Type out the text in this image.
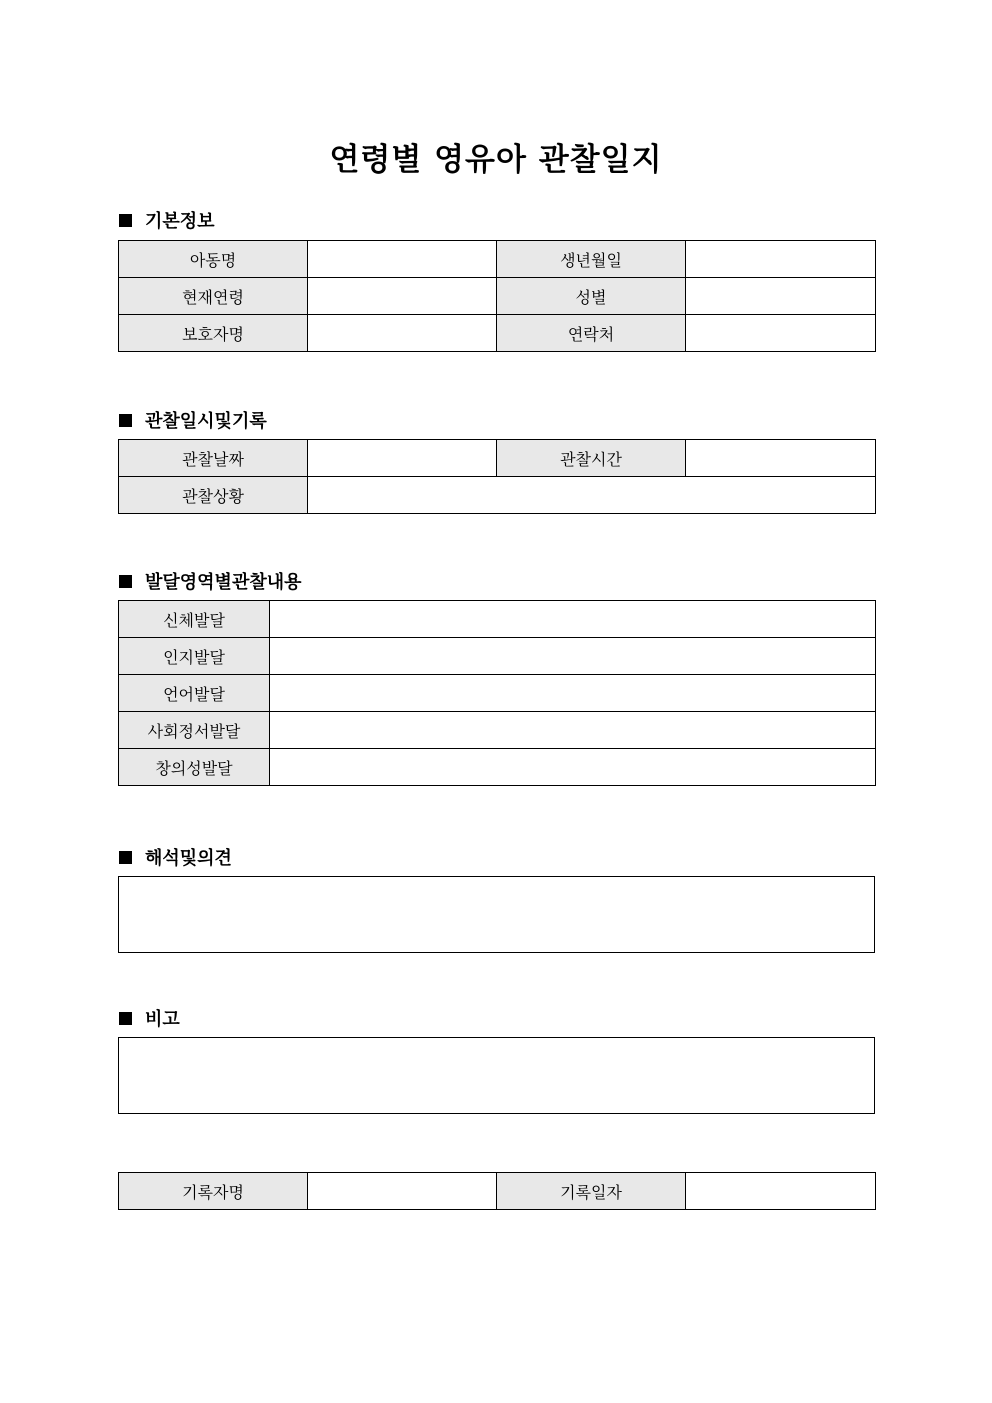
연령별 영유아 관찰일지
기본정보
아동명		생년월일	
현재연령		성별	
보호자명		연락처	
관찰일시및기록
관찰날짜		관찰시간	
관찰상황			
발달영역별관찰내용
신체발달	
인지발달	
언어발달	
사회정서발달	
창의성발달	
해석및의견
비고
기록자명		기록일자	
